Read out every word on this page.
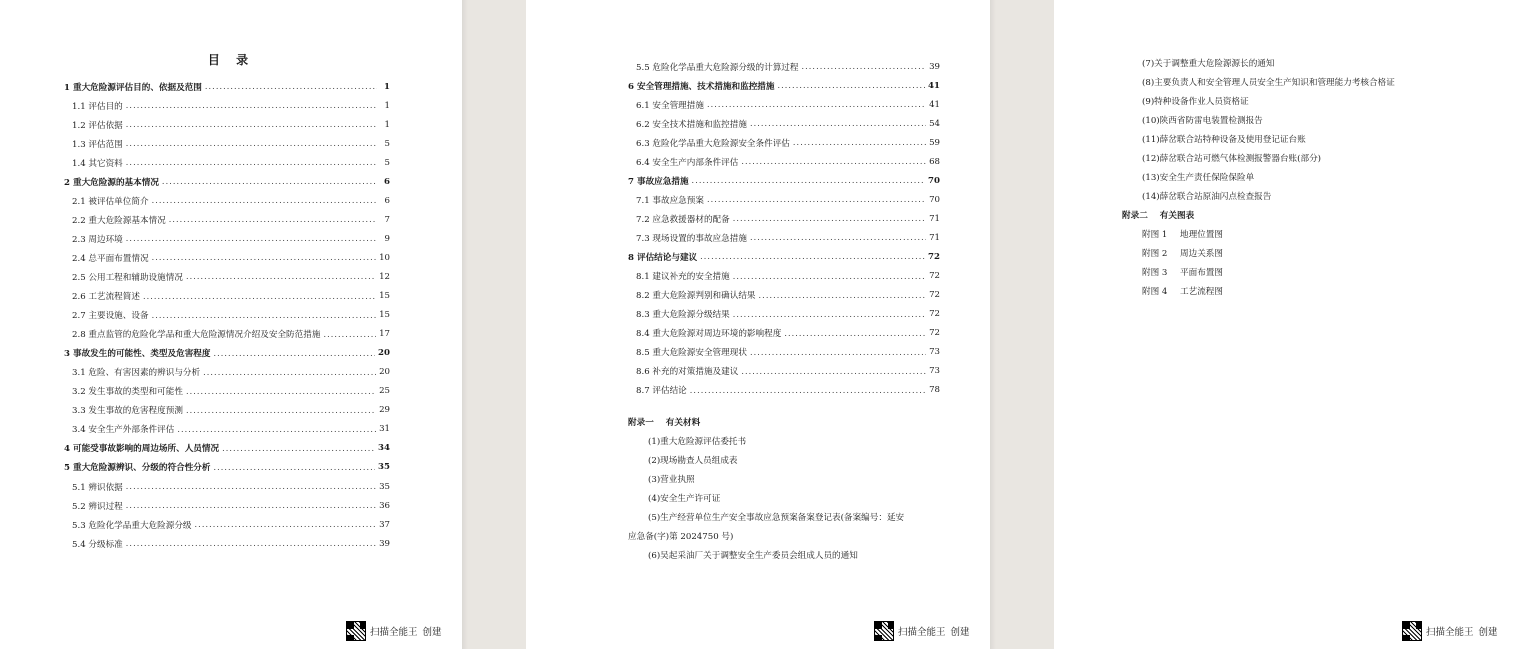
目 录
1 重大危险源评估目的、依据及范围 .....	1
1.1 评估目的 .....	1
1.2 评估依据 .....	1
1.3 评估范围 .....	5
1.4 其它资料 .....	5
2 重大危险源的基本情况 .....	6
2.1 被评估单位简介 .....	6
2.2 重大危险源基本情况 .....	7
2.3 周边环境 .....	9
2.4 总平面布置情况 .....	10
2.5 公用工程和辅助设施情况 .....	12
2.6 工艺流程简述 .....	15
2.7 主要设施、设备 .....	15
2.8 重点监管的危险化学品和重大危险源情况介绍及安全防范措施 .....	17
3 事故发生的可能性、类型及危害程度 .....	20
3.1 危险、有害因素的辨识与分析 .....	20
3.2 发生事故的类型和可能性 .....	25
3.3 发生事故的危害程度预测 .....	29
3.4 安全生产外部条件评估 .....	31
4 可能受事故影响的周边场所、人员情况 .....	34
5 重大危险源辨识、分级的符合性分析 .....	35
5.1 辨识依据 .....	35
5.2 辨识过程 .....	36
5.3 危险化学品重大危险源分级 .....	37
5.4 分级标准 .....	39
扫描全能王 创建
5.5 危险化学品重大危险源分级的计算过程 .....	39
6 安全管理措施、技术措施和监控措施 .....	41
6.1 安全管理措施 .....	41
6.2 安全技术措施和监控措施 .....	54
6.3 危险化学品重大危险源安全条件评估 .....	59
6.4 安全生产内部条件评估 .....	68
7 事故应急措施 .....	70
7.1 事故应急预案 .....	70
7.2 应急救援器材的配备 .....	71
7.3 现场设置的事故应急措施 .....	71
8 评估结论与建议 .....	72
8.1 建议补充的安全措施 .....	72
8.2 重大危险源判别和确认结果 .....	72
8.3 重大危险源分级结果 .....	72
8.4 重大危险源对周边环境的影响程度 .....	72
8.5 重大危险源安全管理现状 .....	73
8.6 补充的对策措施及建议 .....	73
8.7 评估结论 .....	78
附录一 有关材料
(1)重大危险源评估委托书
(2)现场勘查人员组成表
(3)营业执照
(4)安全生产许可证
(5)生产经营单位生产安全事故应急预案备案登记表(备案编号：延安
应急备(字)第 2024750 号)
(6)吴起采油厂关于调整安全生产委员会组成人员的通知
扫描全能王 创建
(7)关于调整重大危险源源长的通知
(8)主要负责人和安全管理人员安全生产知识和管理能力考核合格证
(9)特种设备作业人员资格证
(10)陕西省防雷电装置检测报告
(11)薛岔联合站特种设备及使用登记证台账
(12)薛岔联合站可燃气体检测报警器台账(部分)
(13)安全生产责任保险保险单
(14)薛岔联合站原油闪点检查报告
附录二 有关图表
附图 1	地理位置图
附图 2	周边关系图
附图 3	平面布置图
附图 4	工艺流程图
扫描全能王 创建
